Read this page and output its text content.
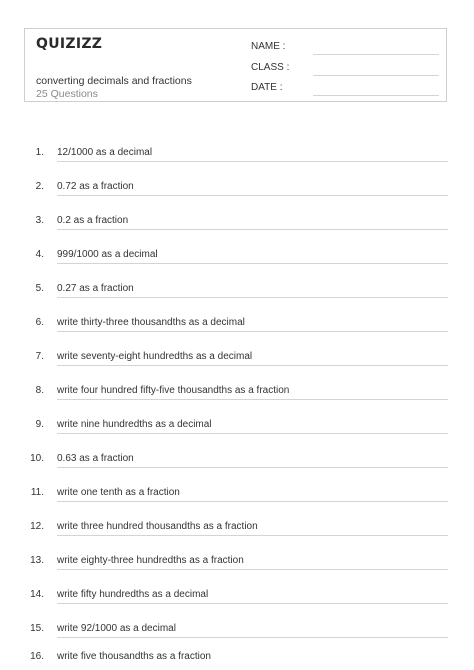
QUIZIZZ
converting decimals and fractions
25 Questions
NAME :
CLASS :
DATE :
1. 12/1000 as a decimal
2. 0.72 as a fraction
3. 0.2 as a fraction
4. 999/1000 as a decimal
5. 0.27 as a fraction
6. write thirty-three thousandths as a decimal
7. write seventy-eight hundredths as a decimal
8. write four hundred fifty-five thousandths as a fraction
9. write nine hundredths as a decimal
10. 0.63 as a fraction
11. write one tenth as a fraction
12. write three hundred thousandths as a fraction
13. write eighty-three hundredths as a fraction
14. write fifty hundredths as a decimal
15. write 92/1000 as a decimal
16. write five thousandths as a fraction
